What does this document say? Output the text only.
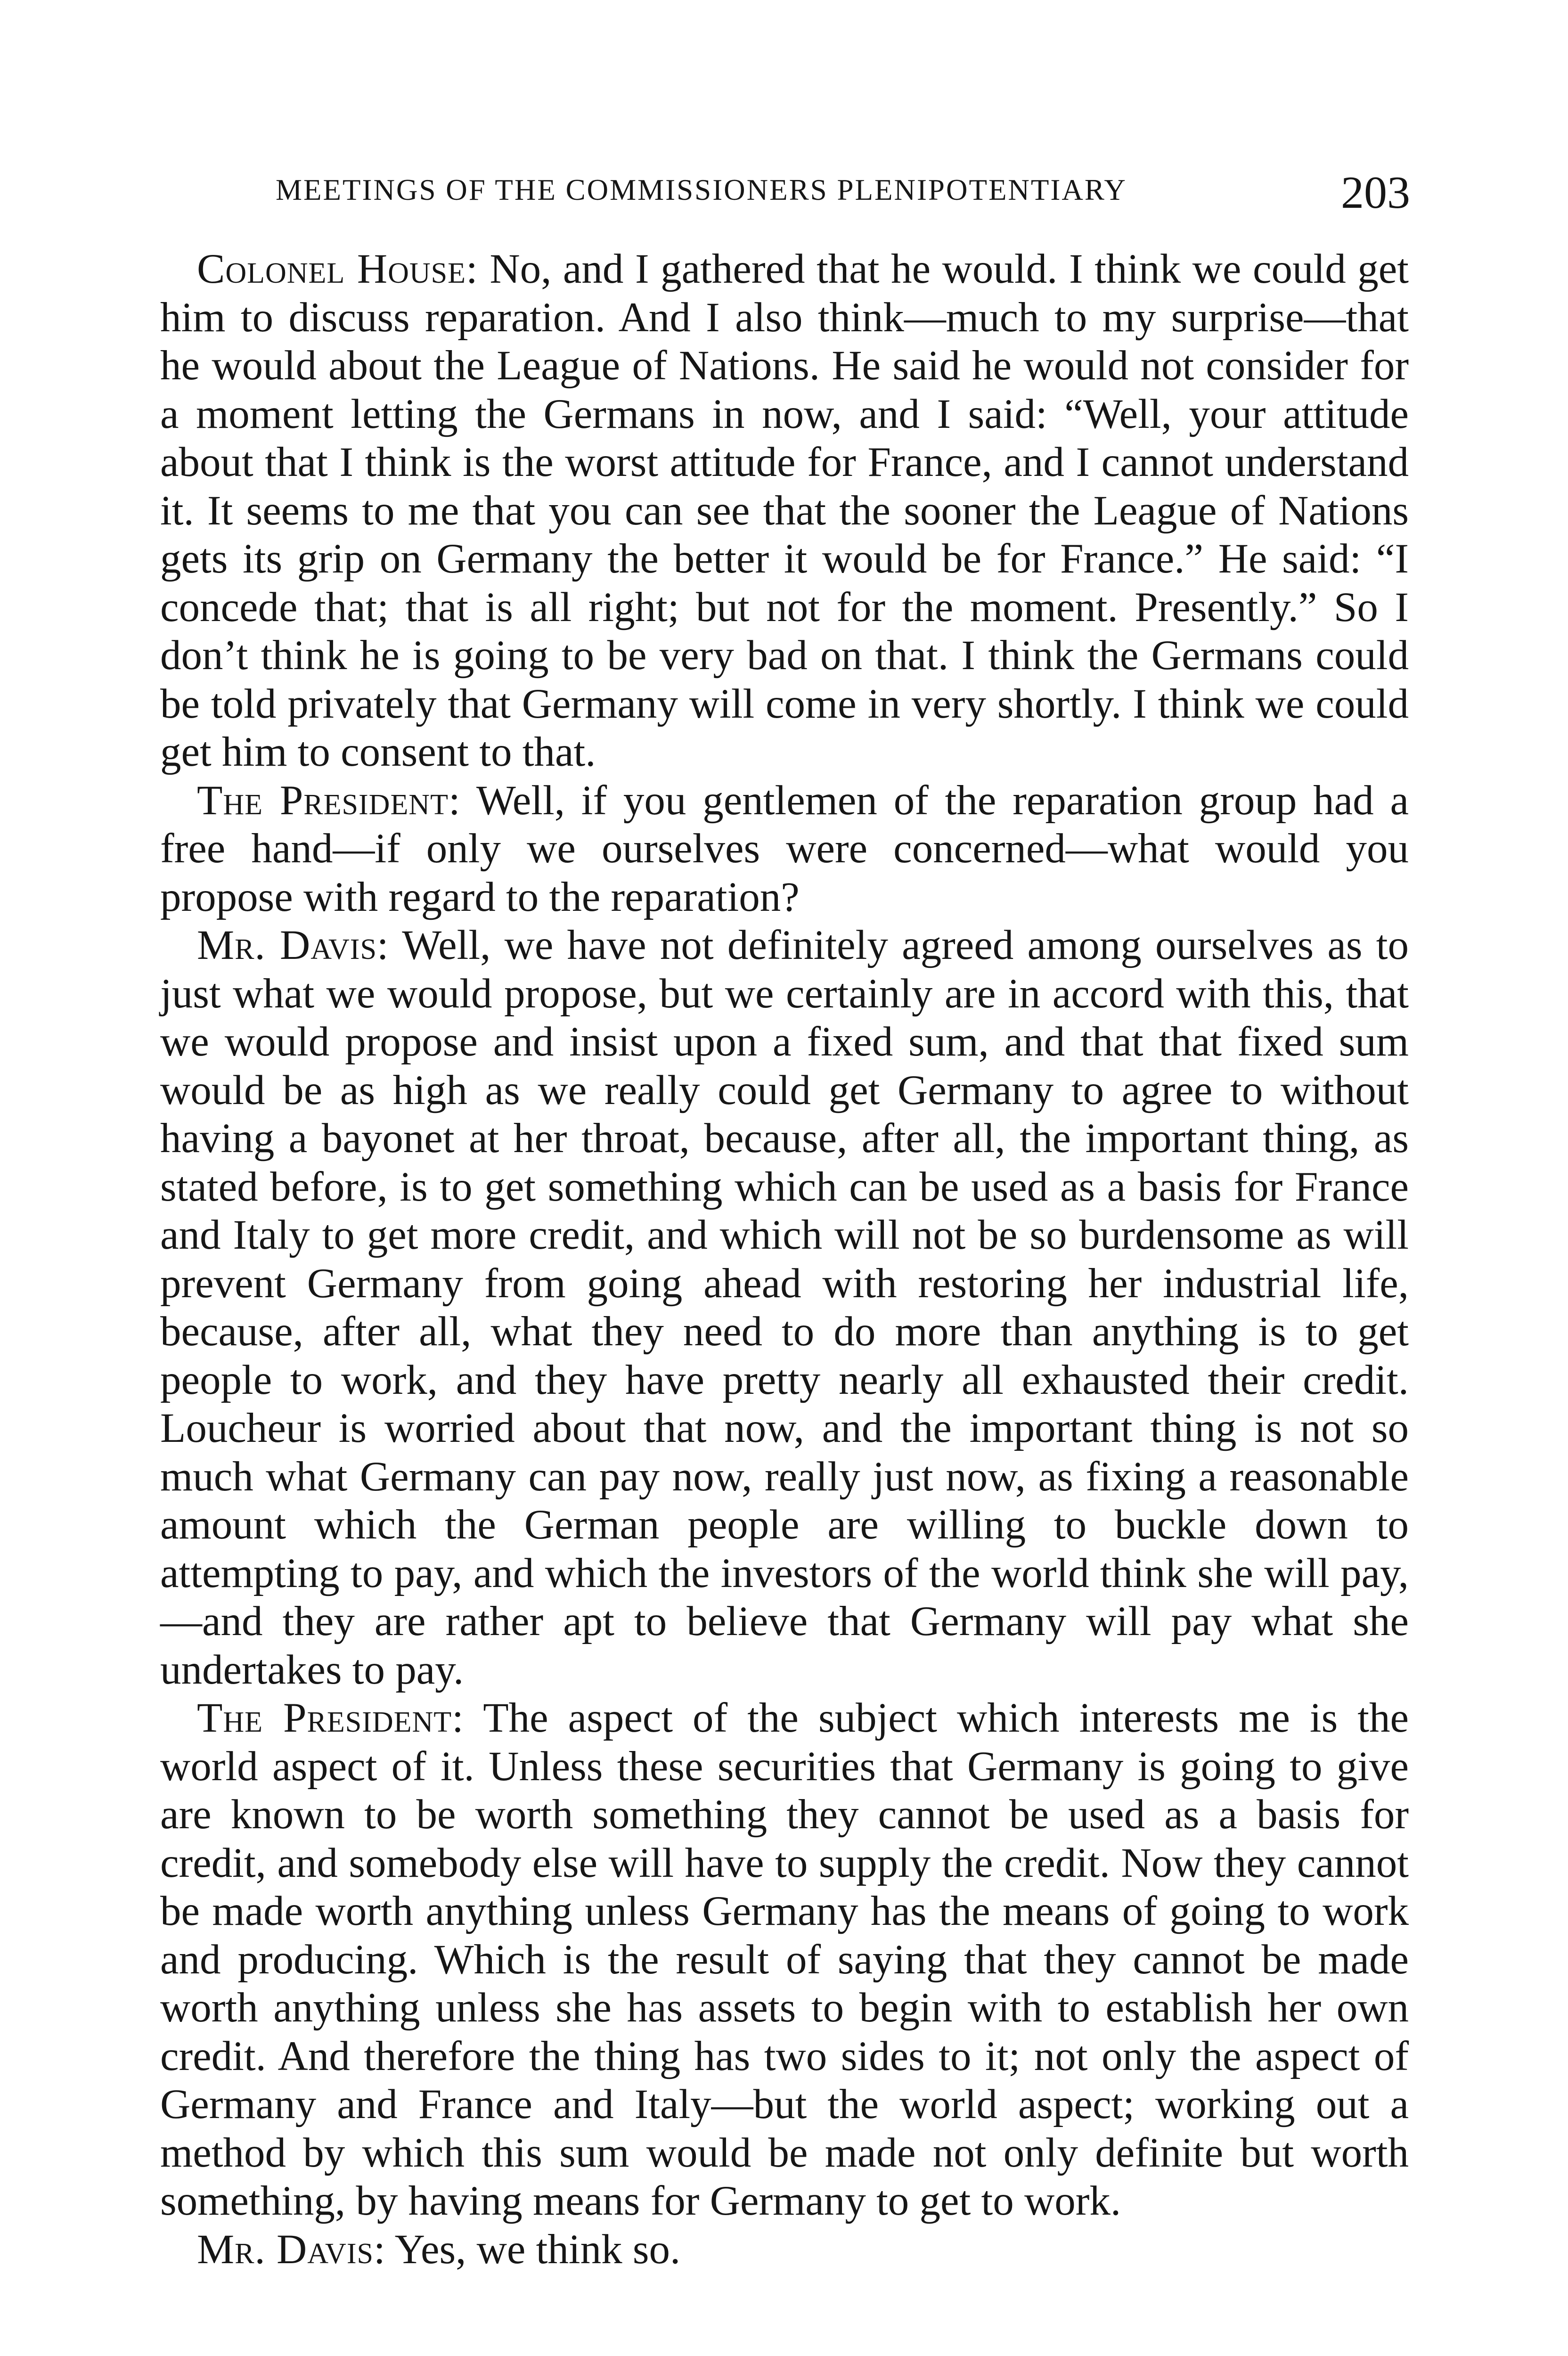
MEETINGS OF THE COMMISSIONERS PLENIPOTENTIARY	203

Colonel House: No, and I gathered that he would. I think we could get him to discuss reparation. And I also think—much to my surprise—that he would about the League of Nations. He said he would not consider for a moment letting the Germans in now, and I said: “Well, your attitude about that I think is the worst attitude for France, and I cannot understand it. It seems to me that you can see that the sooner the League of Nations gets its grip on Germany the better it would be for France.” He said: “I concede that; that is all right; but not for the moment. Presently.” So I don’t think he is going to be very bad on that. I think the Germans could be told privately that Germany will come in very shortly. I think we could get him to consent to that.

The President: Well, if you gentlemen of the reparation group had a free hand—if only we ourselves were concerned—what would you propose with regard to the reparation?

Mr. Davis: Well, we have not definitely agreed among ourselves as to just what we would propose, but we certainly are in accord with this, that we would propose and insist upon a fixed sum, and that that fixed sum would be as high as we really could get Germany to agree to without having a bayonet at her throat, because, after all, the important thing, as stated before, is to get something which can be used as a basis for France and Italy to get more credit, and which will not be so burdensome as will prevent Germany from going ahead with restoring her industrial life, because, after all, what they need to do more than anything is to get people to work, and they have pretty nearly all exhausted their credit. Loucheur is worried about that now, and the important thing is not so much what Germany can pay now, really just now, as fixing a reasonable amount which the German people are willing to buckle down to attempting to pay, and which the investors of the world think she will pay,—and they are rather apt to believe that Germany will pay what she undertakes to pay.

The President: The aspect of the subject which interests me is the world aspect of it. Unless these securities that Germany is going to give are known to be worth something they cannot be used as a basis for credit, and somebody else will have to supply the credit. Now they cannot be made worth anything unless Germany has the means of going to work and producing. Which is the result of saying that they cannot be made worth anything unless she has assets to begin with to establish her own credit. And therefore the thing has two sides to it; not only the aspect of Germany and France and Italy—but the world aspect; working out a method by which this sum would be made not only definite but worth something, by having means for Germany to get to work.

Mr. Davis: Yes, we think so.
